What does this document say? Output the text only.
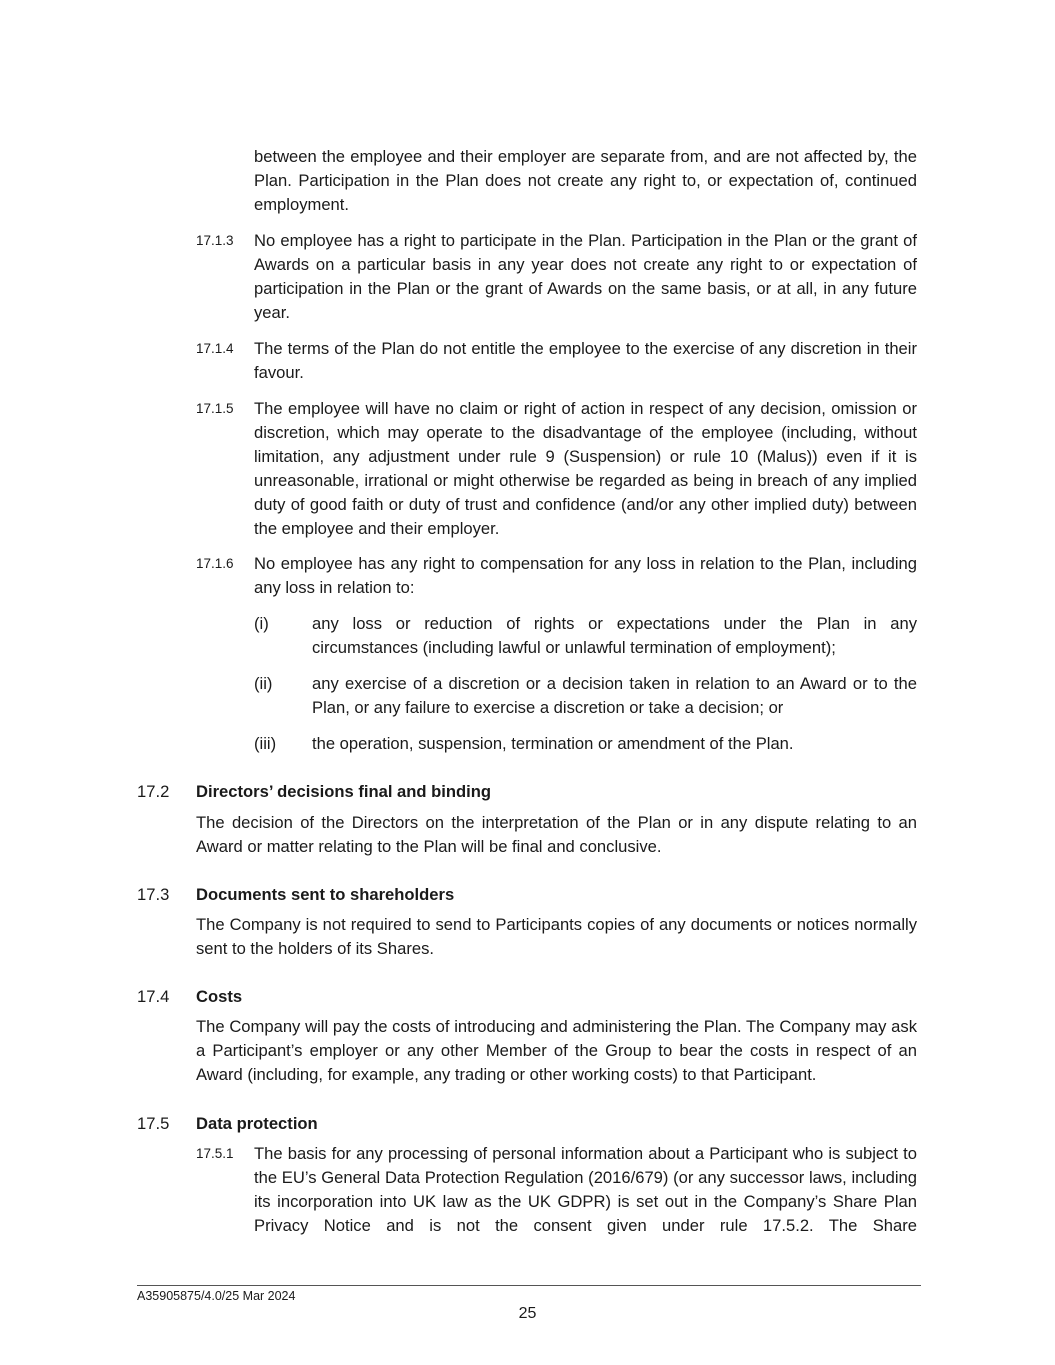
between the employee and their employer are separate from, and are not affected by, the Plan. Participation in the Plan does not create any right to, or expectation of, continued employment.

17.1.3 No employee has a right to participate in the Plan. Participation in the Plan or the grant of Awards on a particular basis in any year does not create any right to or expectation of participation in the Plan or the grant of Awards on the same basis, or at all, in any future year.

17.1.4 The terms of the Plan do not entitle the employee to the exercise of any discretion in their favour.

17.1.5 The employee will have no claim or right of action in respect of any decision, omission or discretion, which may operate to the disadvantage of the employee (including, without limitation, any adjustment under rule 9 (Suspension) or rule 10 (Malus)) even if it is unreasonable, irrational or might otherwise be regarded as being in breach of any implied duty of good faith or duty of trust and confidence (and/or any other implied duty) between the employee and their employer.

17.1.6 No employee has any right to compensation for any loss in relation to the Plan, including any loss in relation to:

(i)	any loss or reduction of rights or expectations under the Plan in any circumstances (including lawful or unlawful termination of employment);

(ii) any exercise of a discretion or a decision taken in relation to an Award or to the Plan, or any failure to exercise a discretion or take a decision; or

(iii) the operation, suspension, termination or amendment of the Plan.

17.2 Directors’ decisions final and binding

The decision of the Directors on the interpretation of the Plan or in any dispute relating to an Award or matter relating to the Plan will be final and conclusive.

17.3 Documents sent to shareholders

The Company is not required to send to Participants copies of any documents or notices normally sent to the holders of its Shares.

17.4 Costs

The Company will pay the costs of introducing and administering the Plan. The Company may ask a Participant’s employer or any other Member of the Group to bear the costs in respect of an Award (including, for example, any trading or other working costs) to that Participant.

17.5 Data protection

17.5.1 The basis for any processing of personal information about a Participant who is subject to the EU’s General Data Protection Regulation (2016/679) (or any successor laws, including its incorporation into UK law as the UK GDPR) is set out in the Company’s Share Plan Privacy Notice and is not the consent given under rule 17.5.2. The Share

A35905875/4.0/25 Mar 2024

25
